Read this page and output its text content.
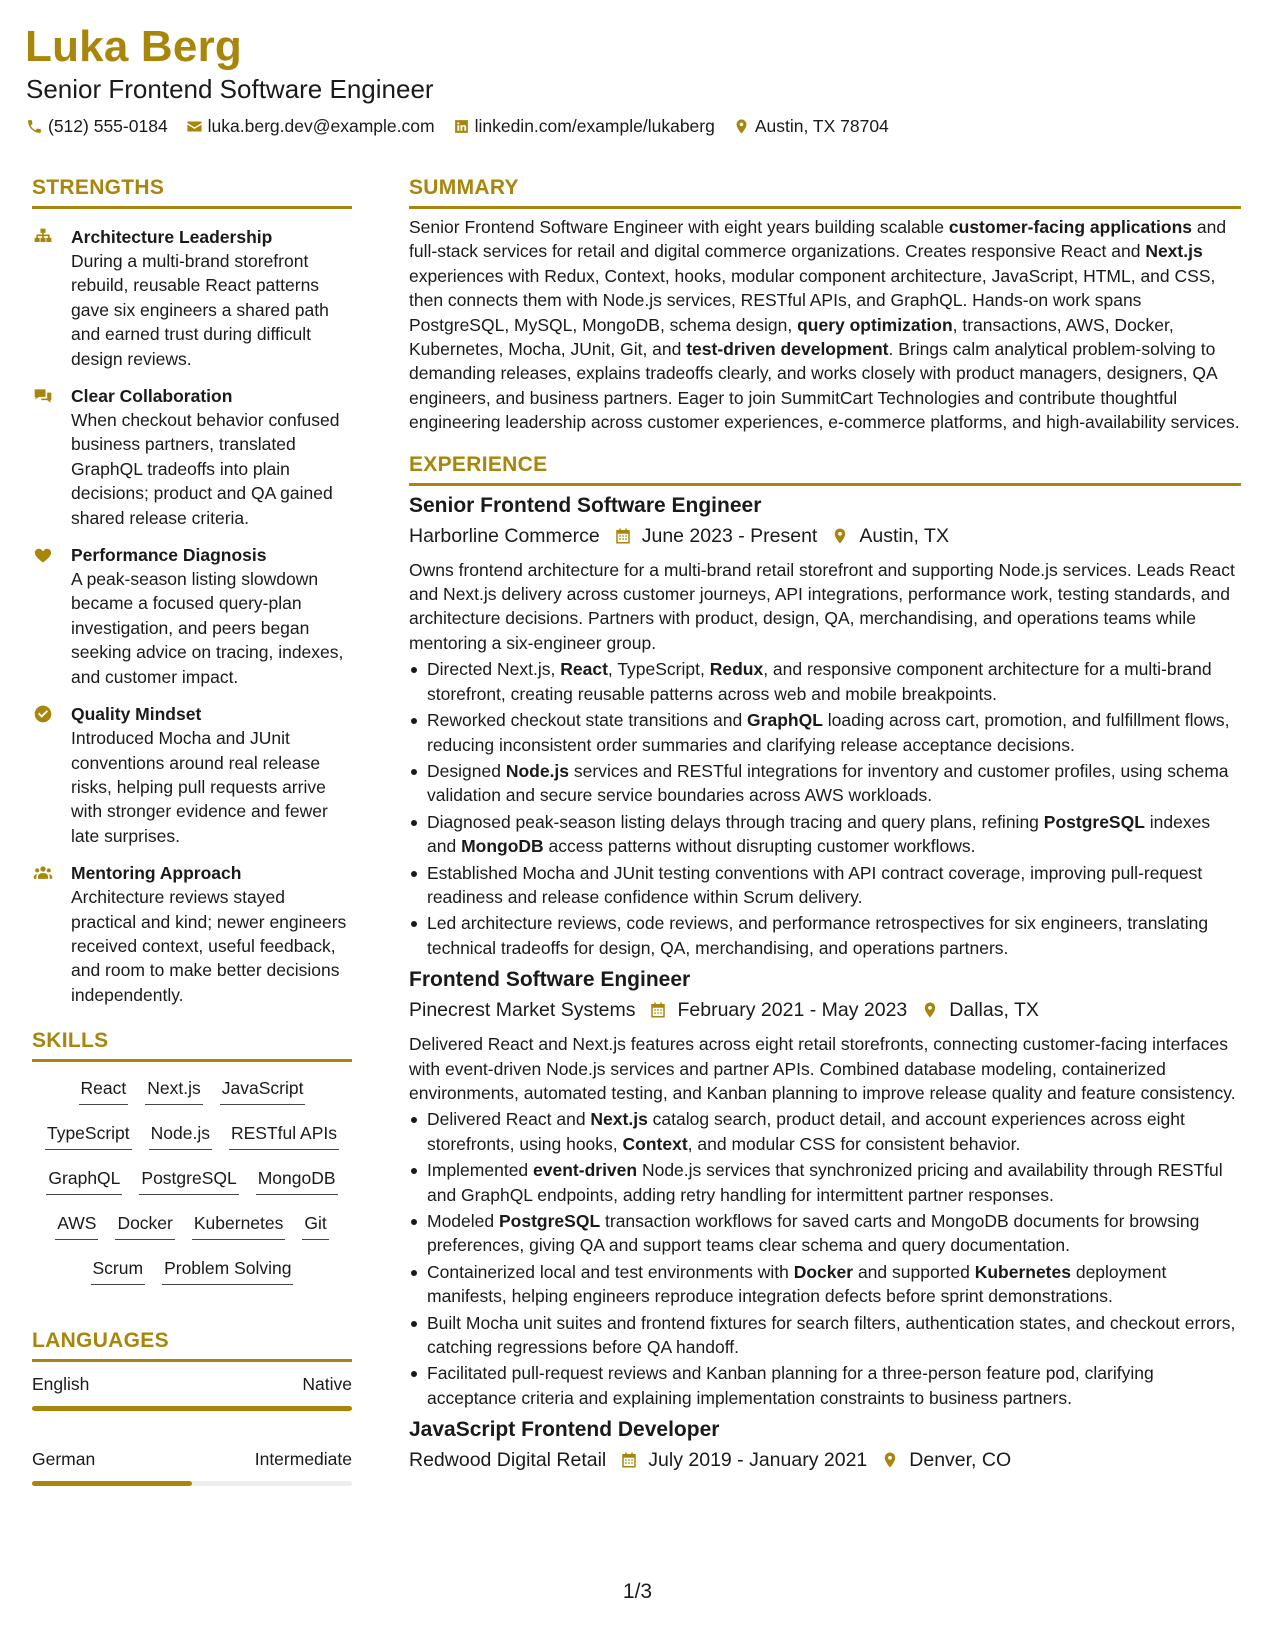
Luka Berg
Senior Frontend Software Engineer
(512) 555-0184 luka.berg.dev@example.com linkedin.com/example/lukaberg Austin, TX 78704
STRENGTHS
Architecture Leadership
During a multi-brand storefront rebuild, reusable React patterns gave six engineers a shared path and earned trust during difficult design reviews.
Clear Collaboration
When checkout behavior confused business partners, translated GraphQL tradeoffs into plain decisions; product and QA gained shared release criteria.
Performance Diagnosis
A peak-season listing slowdown became a focused query-plan investigation, and peers began seeking advice on tracing, indexes, and customer impact.
Quality Mindset
Introduced Mocha and JUnit conventions around real release risks, helping pull requests arrive with stronger evidence and fewer late surprises.
Mentoring Approach
Architecture reviews stayed practical and kind; newer engineers received context, useful feedback, and room to make better decisions independently.
SKILLS
React Next.js JavaScript
TypeScript Node.js RESTful APIs
GraphQL PostgreSQL MongoDB
AWS Docker Kubernetes Git
Scrum Problem Solving
LANGUAGES
English	Native
German	Intermediate
SUMMARY
Senior Frontend Software Engineer with eight years building scalable customer-facing applications and full-stack services for retail and digital commerce organizations. Creates responsive React and Next.js experiences with Redux, Context, hooks, modular component architecture, JavaScript, HTML, and CSS, then connects them with Node.js services, RESTful APIs, and GraphQL. Hands-on work spans PostgreSQL, MySQL, MongoDB, schema design, query optimization, transactions, AWS, Docker, Kubernetes, Mocha, JUnit, Git, and test-driven development. Brings calm analytical problem-solving to demanding releases, explains tradeoffs clearly, and works closely with product managers, designers, QA engineers, and business partners. Eager to join SummitCart Technologies and contribute thoughtful engineering leadership across customer experiences, e-commerce platforms, and high-availability services.
EXPERIENCE
Senior Frontend Software Engineer
Harborline Commerce June 2023 - Present Austin, TX
Owns frontend architecture for a multi-brand retail storefront and supporting Node.js services. Leads React and Next.js delivery across customer journeys, API integrations, performance work, testing standards, and architecture decisions. Partners with product, design, QA, merchandising, and operations teams while mentoring a six-engineer group.
Directed Next.js, React, TypeScript, Redux, and responsive component architecture for a multi-brand storefront, creating reusable patterns across web and mobile breakpoints.
Reworked checkout state transitions and GraphQL loading across cart, promotion, and fulfillment flows, reducing inconsistent order summaries and clarifying release acceptance decisions.
Designed Node.js services and RESTful integrations for inventory and customer profiles, using schema validation and secure service boundaries across AWS workloads.
Diagnosed peak-season listing delays through tracing and query plans, refining PostgreSQL indexes and MongoDB access patterns without disrupting customer workflows.
Established Mocha and JUnit testing conventions with API contract coverage, improving pull-request readiness and release confidence within Scrum delivery.
Led architecture reviews, code reviews, and performance retrospectives for six engineers, translating technical tradeoffs for design, QA, merchandising, and operations partners.
Frontend Software Engineer
Pinecrest Market Systems February 2021 - May 2023 Dallas, TX
Delivered React and Next.js features across eight retail storefronts, connecting customer-facing interfaces with event-driven Node.js services and partner APIs. Combined database modeling, containerized environments, automated testing, and Kanban planning to improve release quality and feature consistency.
Delivered React and Next.js catalog search, product detail, and account experiences across eight storefronts, using hooks, Context, and modular CSS for consistent behavior.
Implemented event-driven Node.js services that synchronized pricing and availability through RESTful and GraphQL endpoints, adding retry handling for intermittent partner responses.
Modeled PostgreSQL transaction workflows for saved carts and MongoDB documents for browsing preferences, giving QA and support teams clear schema and query documentation.
Containerized local and test environments with Docker and supported Kubernetes deployment manifests, helping engineers reproduce integration defects before sprint demonstrations.
Built Mocha unit suites and frontend fixtures for search filters, authentication states, and checkout errors, catching regressions before QA handoff.
Facilitated pull-request reviews and Kanban planning for a three-person feature pod, clarifying acceptance criteria and explaining implementation constraints to business partners.
JavaScript Frontend Developer
Redwood Digital Retail July 2019 - January 2021 Denver, CO
1/3
